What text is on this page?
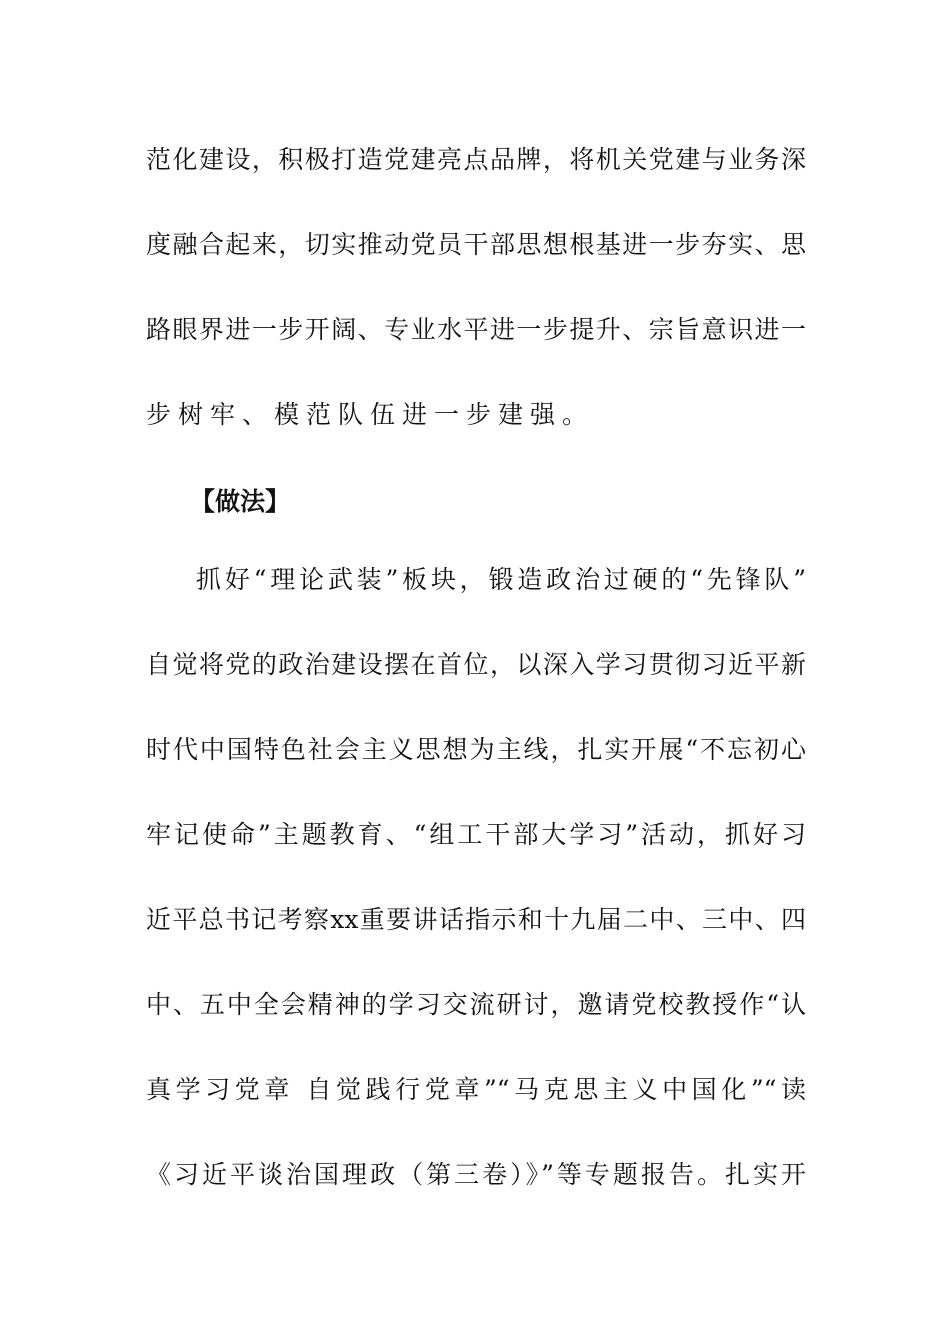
范化建设，积极打造党建亮点品牌，将机关党建与业务深
度融合起来，切实推动党员干部思想根基进一步夯实、思
路眼界进一步开阔、专业水平进一步提升、宗旨意识进一
步树牢、模范队伍进一步建强。
【做法】
抓好“理论武装”板块，锻造政治过硬的“先锋队”
自觉将党的政治建设摆在首位，以深入学习贯彻习近平新
时代中国特色社会主义思想为主线，扎实开展“不忘初心
牢记使命”主题教育、“组工干部大学习”活动，抓好习
近平总书记考察xx重要讲话指示和十九届二中、三中、四
中、五中全会精神的学习交流研讨，邀请党校教授作“认
真学习党章 自觉践行党章”“马克思主义中国化”“读
《习近平谈治国理政（第三卷）》”等专题报告。扎实开
